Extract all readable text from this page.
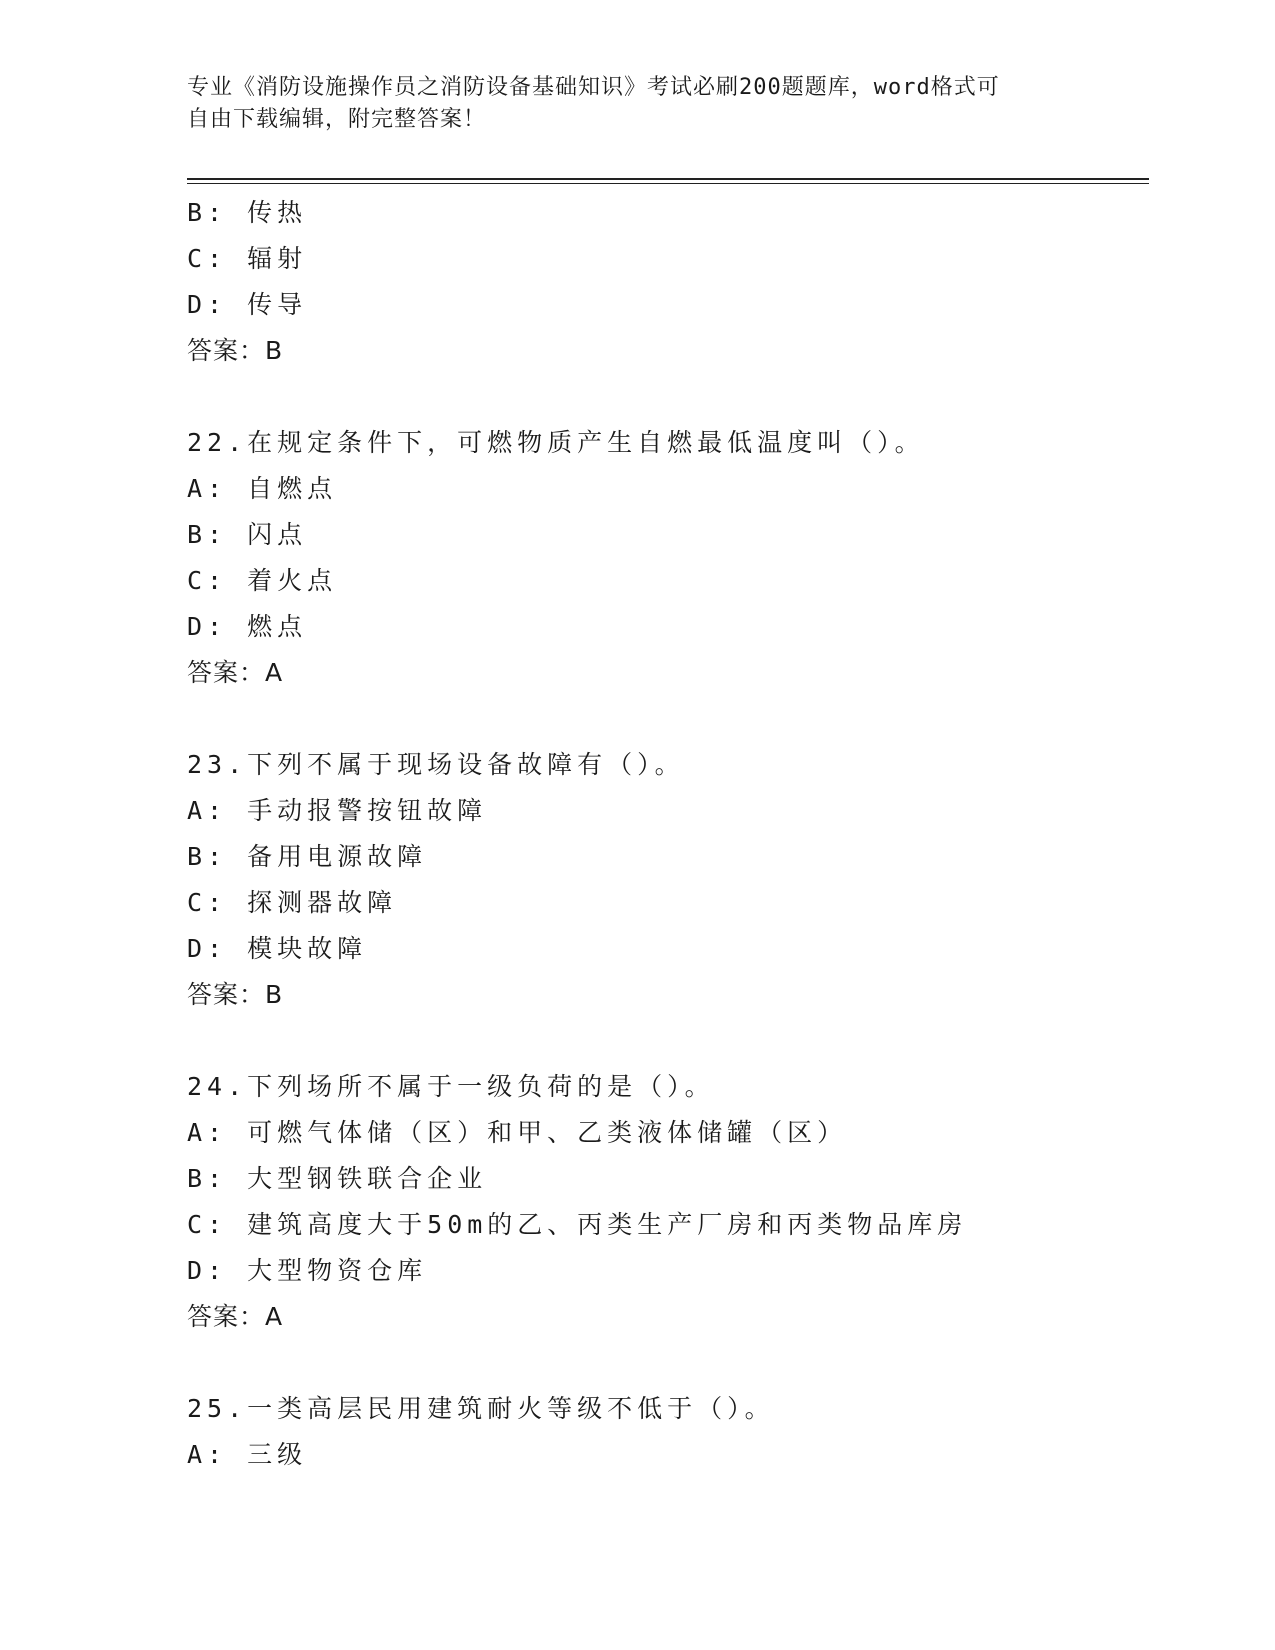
专业《消防设施操作员之消防设备基础知识》考试必刷200题题库，word格式可
自由下载编辑，附完整答案！
B: 传热
C: 辐射
D: 传导
答案：B
22.在规定条件下，可燃物质产生自燃最低温度叫（）。
A: 自燃点
B: 闪点
C: 着火点
D: 燃点
答案：A
23.下列不属于现场设备故障有（）。
A: 手动报警按钮故障
B: 备用电源故障
C: 探测器故障
D: 模块故障
答案：B
24.下列场所不属于一级负荷的是（）。
A: 可燃气体储（区）和甲、乙类液体储罐（区）
B: 大型钢铁联合企业
C: 建筑高度大于50m的乙、丙类生产厂房和丙类物品库房
D: 大型物资仓库
答案：A
25.一类高层民用建筑耐火等级不低于（）。
A: 三级
